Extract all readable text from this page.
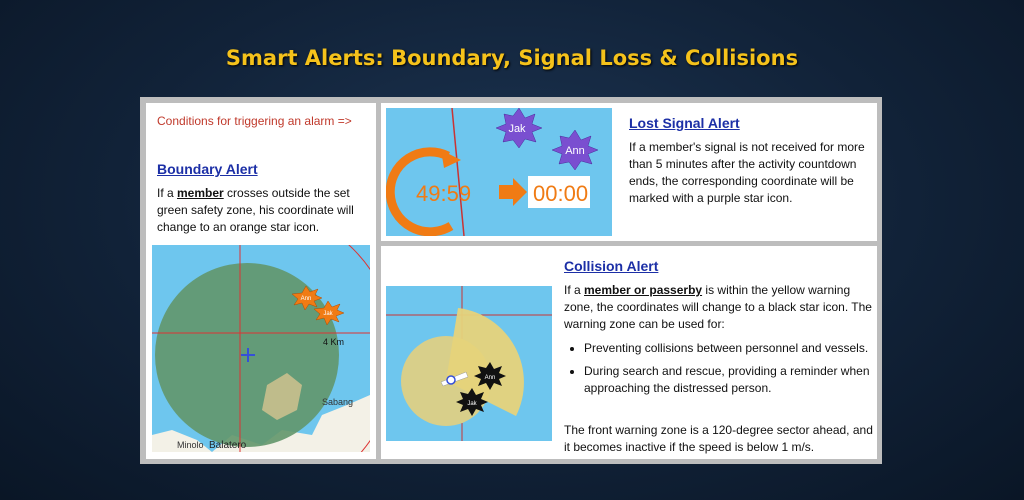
Smart Alerts: Boundary, Signal Loss & Collisions
Conditions for triggering an alarm =>
Boundary Alert
If a member crosses outside the set green safety zone, his coordinate will change to an orange star icon.
Ann
Jak
4 Km
Sabang
Minolo Balatero
49:59	00:00
Jak
Ann
Lost Signal Alert
If a member's signal is not received for more than 5 minutes after the activity countdown ends, the corresponding coordinate will be marked with a purple star icon.
Ann
Jak
Collision Alert
If a member or passerby is within the yellow warning zone, the coordinates will change to a black star icon. The warning zone can be used for:
• Preventing collisions between personnel and vessels.
• During search and rescue, providing a reminder when approaching the distressed person.
The front warning zone is a 120-degree sector ahead, and it becomes inactive if the speed is below 1 m/s.
